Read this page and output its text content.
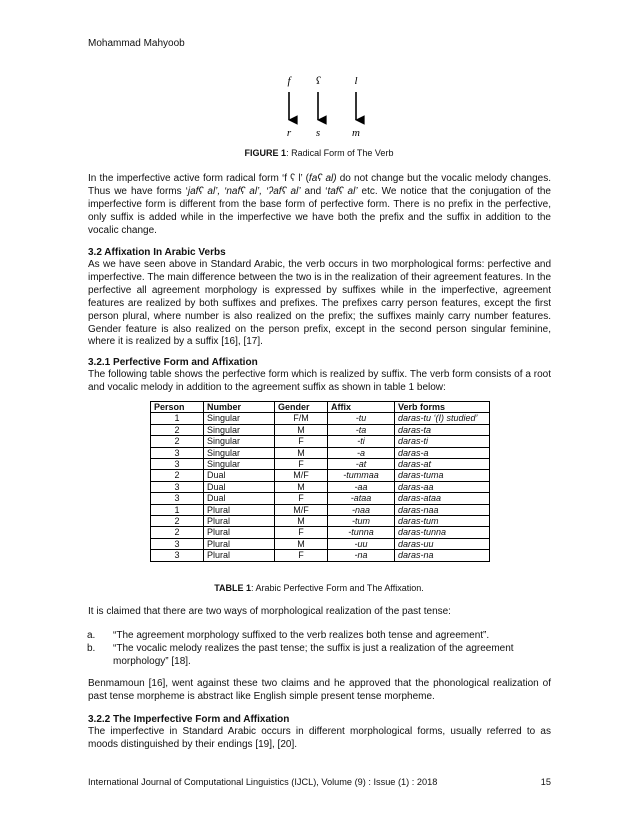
Mohammad Mahyoob
f ʕ	l
r s	m
FIGURE 1: Radical Form of The Verb

In the imperfective active form radical form ‘f ʕ l’ (faʕ al) do not change but the vocalic melody changes. Thus we have forms ‘jafʕ al’, ‘nafʕ al’, ‘ʔafʕ al’ and ‘tafʕ al’ etc. We notice that the conjugation of the imperfective form is different from the base form of perfective form. There is no prefix in the perfective, only suffix is added while in the imperfective we have both the prefix and the suffix in addition to the vocalic change.

3.2 Affixation In Arabic Verbs

As we have seen above in Standard Arabic, the verb occurs in two morphological forms: perfective and imperfective. The main difference between the two is in the realization of their agreement features. In the perfective all agreement morphology is expressed by suffixes while in the imperfective, agreement features are realized by both suffixes and prefixes. The prefixes carry person features, except the first person plural, where number is also realized on the prefix; the suffixes mainly carry number features. Gender feature is also realized on the person prefix, except in the second person singular feminine, where it is realized by a suffix [16], [17].

3.2.1 Perfective Form and Affixation

The following table shows the perfective form which is realized by suffix. The verb form consists of a root and vocalic melody in addition to the agreement suffix as shown in table 1 below:

Person	Number	Gender	Affix	Verb forms
1	Singular	F/M	-tu	daras-tu ‘(I) studied’
2	Singular	M	-ta	daras-ta
2	Singular	F	-ti	daras-ti
3	Singular	M	-a	daras-a
3	Singular	F	-at	daras-at
2	Dual	M/F	-tummaa	daras-tuma
3	Dual	M	-aa	daras-aa
3	Dual	F	-ataa	daras-ataa
1	Plural	M/F	-naa	daras-naa
2	Plural	M	-tum	daras-tum
2	Plural	F	-tunna	daras-tunna
3	Plural	M	-uu	daras-uu
3	Plural	F	-na	daras-na
TABLE 1: Arabic Perfective Form and The Affixation.

It is claimed that there are two ways of morphological realization of the past tense:

a. “The agreement morphology suffixed to the verb realizes both tense and agreement”.
b. “The vocalic melody realizes the past tense; the suffix is just a realization of the agreement morphology” [18].

Benmamoun [16], went against these two claims and he approved that the phonological realization of past tense morpheme is abstract like English simple present tense morpheme.

3.2.2 The Imperfective Form and Affixation

The imperfective in Standard Arabic occurs in different morphological forms, usually referred to as moods distinguished by their endings [19], [20].

International Journal of Computational Linguistics (IJCL), Volume (9) : Issue (1) : 2018	15
